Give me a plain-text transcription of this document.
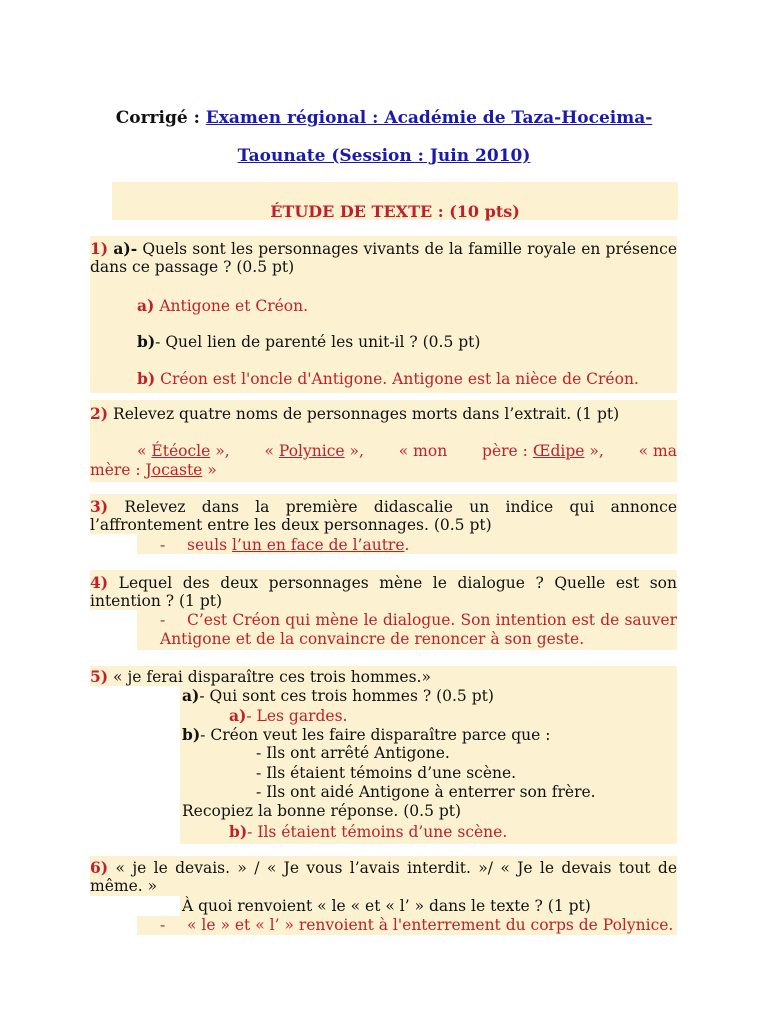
Corrigé : Examen régional : Académie de Taza-Hoceima-
Taounate (Session : Juin 2010)
ÉTUDE DE TEXTE : (10 pts)
1) a)- Quels sont les personnages vivants de la famille royale en présence
dans ce passage ? (0.5 pt)
a) Antigone et Créon.
b)- Quel lien de parenté les unit-il ? (0.5 pt)
b) Créon est l'oncle d'Antigone. Antigone est la nièce de Créon.
2) Relevez quatre noms de personnages morts dans l’extrait. (1 pt)
« Étéocle », « Polynice », « mon père : Œdipe », « ma
mère : Jocaste »
3) Relevez dans la première didascalie un indice qui annonce
l’affrontement entre les deux personnages. (0.5 pt)
- seuls l’un en face de l’autre.
4) Lequel des deux personnages mène le dialogue ? Quelle est son
intention ? (1 pt)
- C’est Créon qui mène le dialogue. Son intention est de sauver
Antigone et de la convaincre de renoncer à son geste.
5) « je ferai disparaître ces trois hommes.»
a)- Qui sont ces trois hommes ? (0.5 pt)
a)- Les gardes.
b)- Créon veut les faire disparaître parce que :
- Ils ont arrêté Antigone.
- Ils étaient témoins d’une scène.
- Ils ont aidé Antigone à enterrer son frère.
Recopiez la bonne réponse. (0.5 pt)
b)- Ils étaient témoins d’une scène.
6) « je le devais. » / « Je vous l’avais interdit. »/ « Je le devais tout de
même. »
À quoi renvoient « le « et « l’ » dans le texte ? (1 pt)
- « le » et « l’ » renvoient à l'enterrement du corps de Polynice.
